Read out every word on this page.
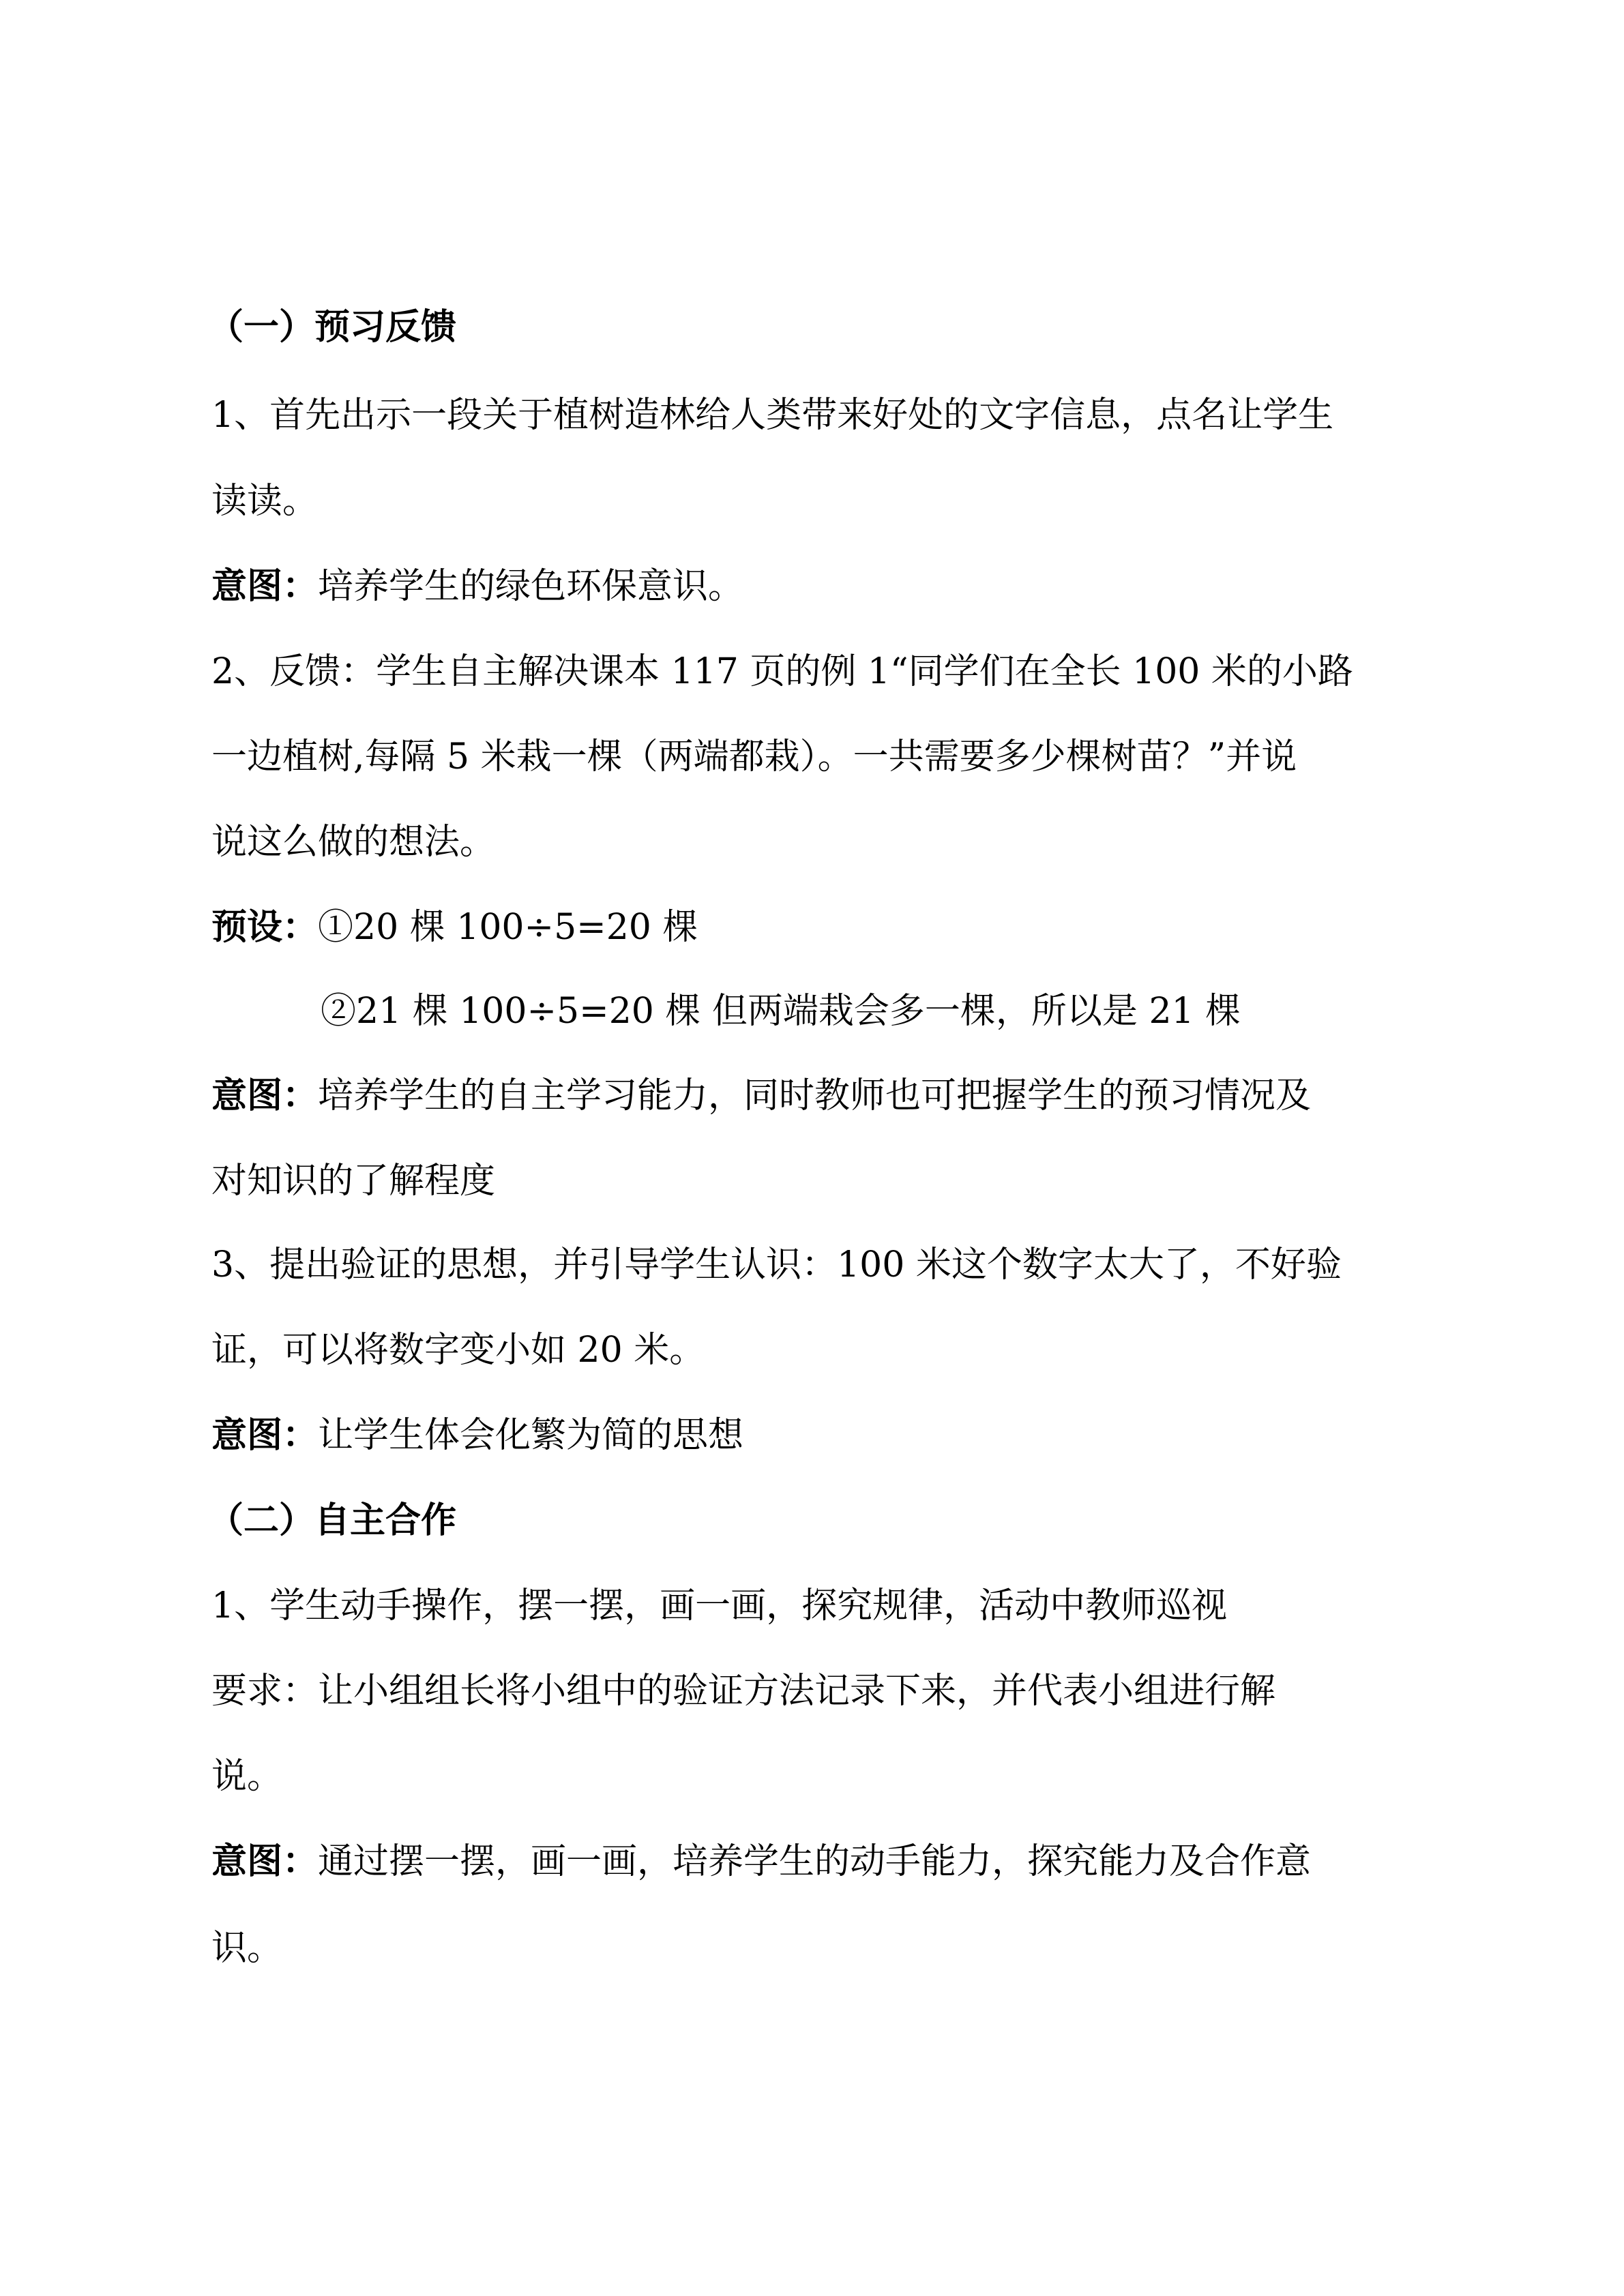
（一）预习反馈
1、首先出示一段关于植树造林给人类带来好处的文字信息，点名让学生
读读。
意图：培养学生的绿色环保意识。
2、反馈：学生自主解决课本 117 页的例 1“同学们在全长 100 米的小路
一边植树,每隔 5 米栽一棵（两端都栽）。一共需要多少棵树苗？”并说
说这么做的想法。
预设：①20 棵 100÷5=20 棵
②21 棵 100÷5=20 棵 但两端栽会多一棵，所以是 21 棵
意图：培养学生的自主学习能力，同时教师也可把握学生的预习情况及
对知识的了解程度
3、提出验证的思想，并引导学生认识：100 米这个数字太大了，不好验
证，可以将数字变小如 20 米。
意图：让学生体会化繁为简的思想
（二）自主合作
1、学生动手操作，摆一摆，画一画，探究规律，活动中教师巡视
要求：让小组组长将小组中的验证方法记录下来，并代表小组进行解
说。
意图：通过摆一摆，画一画，培养学生的动手能力，探究能力及合作意
识。
